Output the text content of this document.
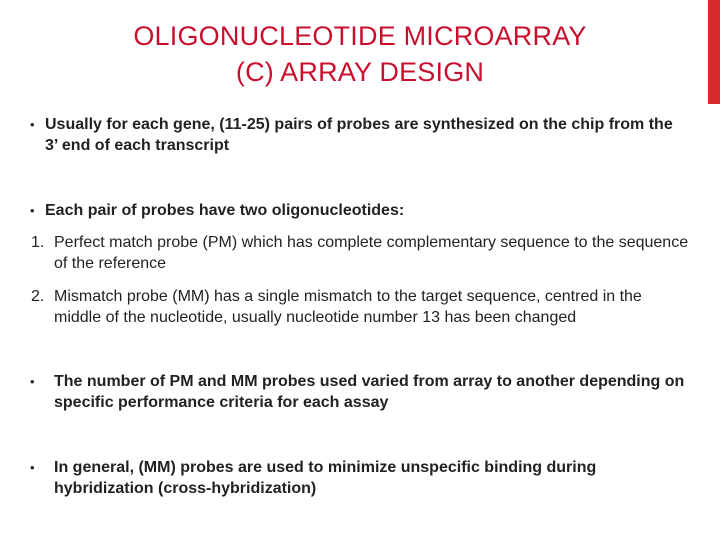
OLIGONUCLEOTIDE MICROARRAY
(C) ARRAY DESIGN
• Usually for each gene, (11-25) pairs of probes are synthesized on the chip from the 3’ end of each transcript
• Each pair of probes have two oligonucleotides:
1. Perfect match probe (PM) which has complete complementary sequence to the sequence of the reference
2. Mismatch probe (MM) has a single mismatch to the target sequence, centred in the middle of the nucleotide, usually nucleotide number 13 has been changed
• The number of PM and MM probes used varied from array to another depending on specific performance criteria for each assay
• In general, (MM) probes are used to minimize unspecific binding during hybridization (cross-hybridization)
